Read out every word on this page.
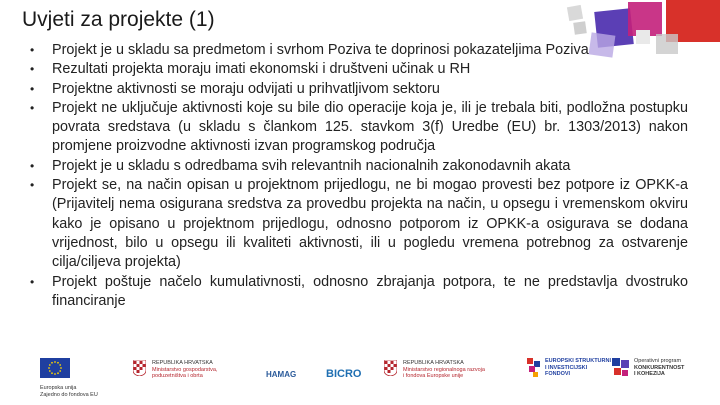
Uvjeti za projekte (1)
• Projekt je u skladu sa predmetom i svrhom Poziva te doprinosi pokazateljima Poziva
• Rezultati projekta moraju imati ekonomski i društveni učinak u RH
• Projektne aktivnosti se moraju odvijati u prihvatljivom sektoru
• Projekt ne uključuje aktivnosti koje su bile dio operacije koja je, ili je trebala biti, podložna postupku povrata sredstava (u skladu s člankom 125. stavkom 3(f) Uredbe (EU) br. 1303/2013) nakon promjene proizvodne aktivnosti izvan programskog područja
• Projekt je u skladu s odredbama svih relevantnih nacionalnih zakonodavnih akata
• Projekt se, na način opisan u projektnom prijedlogu, ne bi mogao provesti bez potpore iz OPKK-a (Prijavitelj nema osigurana sredstva za provedbu projekta na način, u opsegu i vremenskom okviru kako je opisano u projektnom prijedlogu, odnosno potporom iz OPKK-a osigurava se dodana vrijednost, bilo u opsegu ili kvaliteti aktivnosti, ili u pogledu vremena potrebnog za ostvarenje cilja/ciljeva projekta)
• Projekt poštuje načelo kumulativnosti, odnosno zbrajanja potpora, te ne predstavlja dvostruko financiranje
Europska unija
Zajedno do fondova EU
REPUBLIKA HRVATSKA
Ministarstvo gospodarstva,
poduzetništva i obrta	HAMAG	BICRO
REPUBLIKA HRVATSKA
Ministarstvo regionalnoga razvoja
i fondova Europske unije
EUROPSKI STRUKTURNI
I INVESTICIJSKI
FONDOVI
Operativni program
KONKURENTNOST
I KOHEZIJA
